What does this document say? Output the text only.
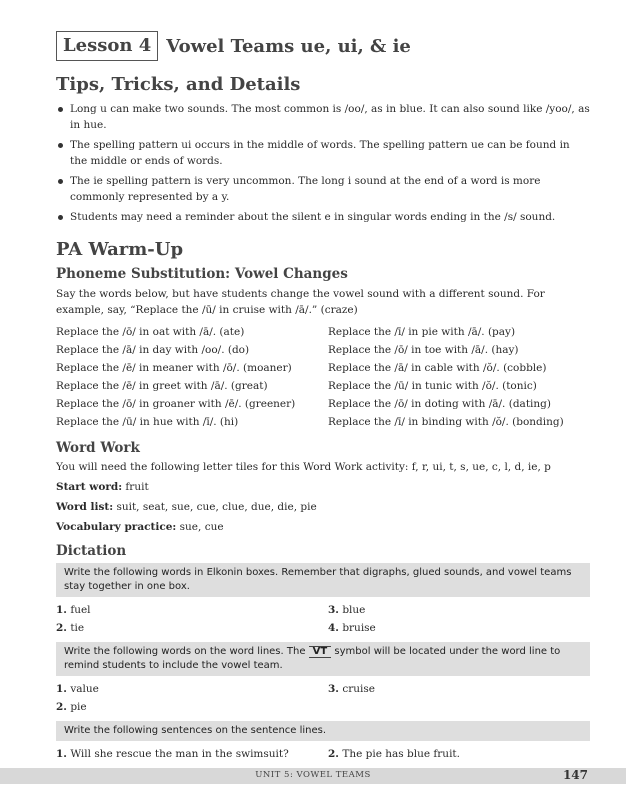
Lesson 4 Vowel Teams ue, ui, & ie
Tips, Tricks, and Details
Long u can make two sounds. The most common is /oo/, as in blue. It can also sound like /yoo/, as in hue.
The spelling pattern ui occurs in the middle of words. The spelling pattern ue can be found in the middle or ends of words.
The ie spelling pattern is very uncommon. The long i sound at the end of a word is more commonly represented by a y.
Students may need a reminder about the silent e in singular words ending in the /s/ sound.
PA Warm-Up
Phoneme Substitution: Vowel Changes

Say the words below, but have students change the vowel sound with a different sound. For example, say, “Replace the /ū/ in cruise with /ā/.” (craze)

Replace the /ō/ in oat with /ā/. (ate)	Replace the /ī/ in pie with /ā/. (pay)
Replace the /ā/ in day with /oo/. (do)	Replace the /ō/ in toe with /ā/. (hay)
Replace the /ē/ in meaner with /ō/. (moaner)	Replace the /ā/ in cable with /ŏ/. (cobble)
Replace the /ē/ in greet with /ā/. (great)	Replace the /ū/ in tunic with /ŏ/. (tonic)
Replace the /ō/ in groaner with /ē/. (greener)	Replace the /ō/ in doting with /ā/. (dating)
Replace the /ū/ in hue with /ī/. (hi)	Replace the /ī/ in binding with /ŏ/. (bonding)
Word Work

You will need the following letter tiles for this Word Work activity: f, r, ui, t, s, ue, c, l, d, ie, p

Start word: fruit

Word list: suit, seat, sue, cue, clue, due, die, pie

Vocabulary practice: sue, cue

Dictation
Write the following words in Elkonin boxes. Remember that digraphs, glued sounds, and vowel teams stay together in one box.
1. fuel	3. blue
2. tie	4. bruise
Write the following words on the word lines. The VT symbol will be located under the word line to remind students to include the vowel team.
1. value	3. cruise
2. pie
Write the following sentences on the sentence lines.
1. Will she rescue the man in the swimsuit?	2. The pie has blue fruit.
UNIT 5: VOWEL TEAMS	147
